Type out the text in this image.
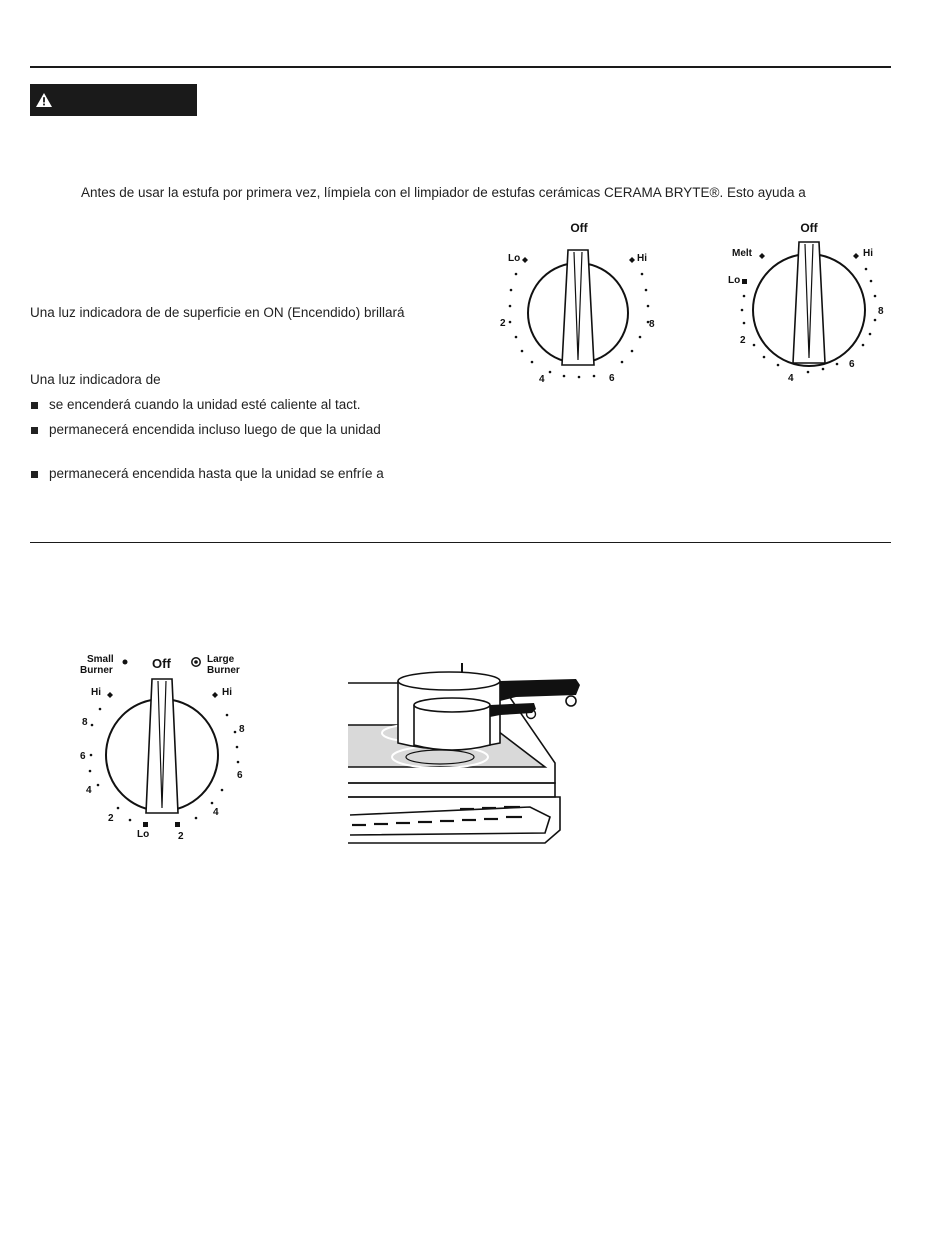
Antes de usar la estufa por primera vez, límpiela con el limpiador de estufas cerámicas CERAMA BRYTE®. Esto ayuda a
Una luz indicadora de de superficie en ON (Encendido) brillará
Una luz indicadora de
se encenderá cuando la unidad esté caliente al tact.
permanecerá encendida incluso luego de que la unidad
permanecerá encendida hasta que la unidad se enfríe a
Off
Lo	Hi
2	8
4	6
Off
Melt
Lo
Hi
2
8
4
6
Small
Burner	Off	Large
Burner
Hi	Hi
8
6
4
2
Lo
8
6
4
2
